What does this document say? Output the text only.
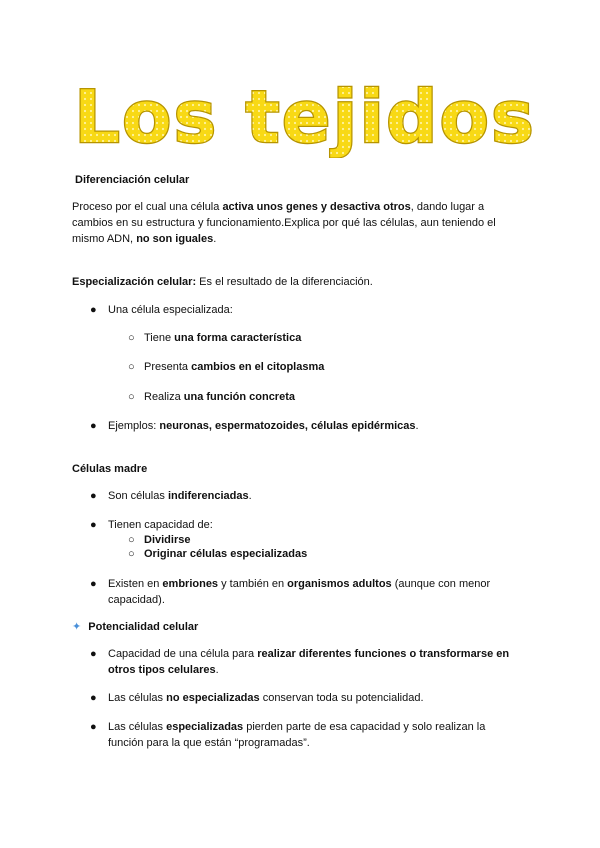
Los tejidos
Diferenciación celular

Proceso por el cual una célula activa unos genes y desactiva otros, dando lugar a cambios en su estructura y funcionamiento.Explica por qué las células, aun teniendo el mismo ADN, no son iguales.

Especialización celular: Es el resultado de la diferenciación.
● Una célula especializada:
○ Tiene una forma característica
○ Presenta cambios en el citoplasma
○ Realiza una función concreta
● Ejemplos: neuronas, espermatozoides, células epidérmicas.
Células madre
● Son células indiferenciadas.
● Tienen capacidad de:
○ Dividirse
○ Originar células especializadas
● Existen en embriones y también en organismos adultos (aunque con menor capacidad).
✦ Potencialidad celular
● Capacidad de una célula para realizar diferentes funciones o transformarse en otros tipos celulares.
● Las células no especializadas conservan toda su potencialidad.
● Las células especializadas pierden parte de esa capacidad y solo realizan la función para la que están “programadas”.
